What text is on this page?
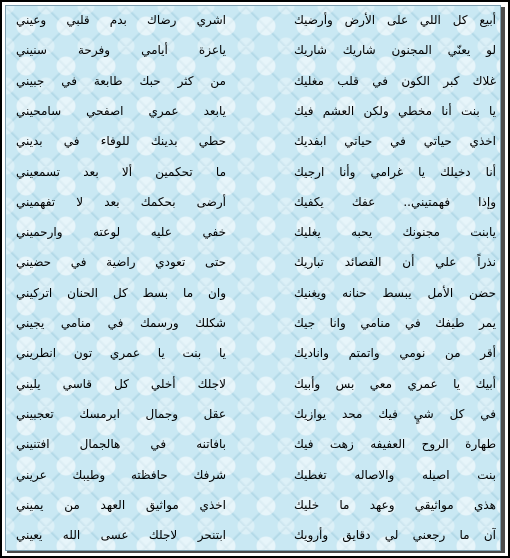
أبيع كل اللي على الأرض وأرضيك
اشري رضاك بدم قلبي وعيني
لو يعنّي المجنون شاريك شاريك
ياعزة أيامي وفرحة سنيني
غلاك كبر الكون في قلب مغليك
من كثر حبك طابعة في جبيني
يا بنت أنا مخطي ولكن العشم فيك
يابعد عمري اصفحي سامحيني
اخذي حياتي في حياتي ابفديك
حطي بدينك للوفاء في بديني
أنا دخيلك يا غرامي وأنا ارجيك
ما تحكمين ألا بعد تسمعيني
وإذا فهمتيني.. عفك يكفيك
أرضى بحكمك بعد لا تفهميني
يابنت مجنونك يحبه يغليك
خفي عليه لوعته وارحميني
نذراً علي أن القصائد تباريك
حتى تعودي راضية في حضيني
حضن الأمل يبسط حنانه ويغنيك
وان ما بسط كل الحنان اتركيني
يمر طيفك في منامي وانا جيك
شكلك ورسمك في منامي يجيني
أقر من نومي واتمتم واناديك
يا بنت يا عمري تون انطريني
أبيك يا عمري معي بس وأبيك
لاجلك أخلي كل قاسي يليني
في كل شيٍ فيك محد يوازيك
عقل وجمال ابرمسك تعجبيني
طهارة الروح العفيفه زهت فيك
بافاتنه في هالجمال افتنيني
بنت اصيله والاصاله تغطيك
شرفك حافظته وطيبك عريني
هذي مواثيقي وعهد ما خليك
اخذي مواثيق العهد من يميني
آن ما رجعني لي دقايق وأرويك
ابتنحر لاجلك عسى الله يعيني
